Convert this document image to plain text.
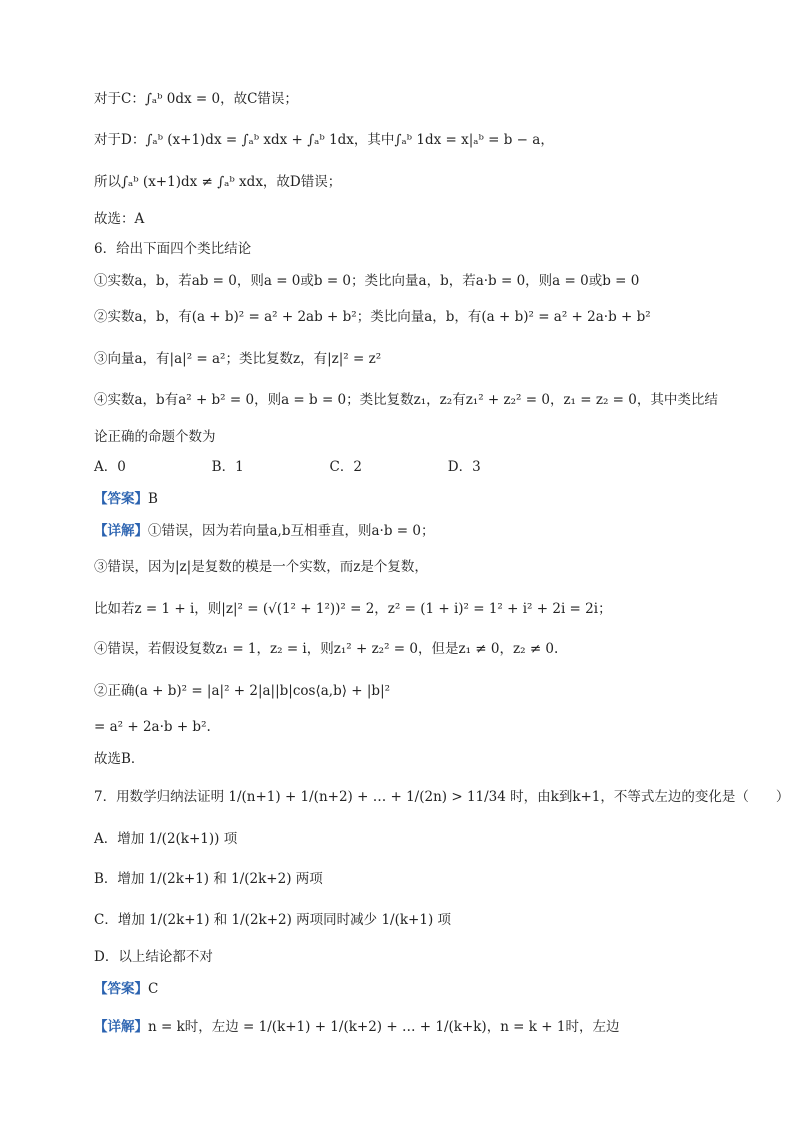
对于C：∫ₐᵇ 0dx = 0，故C错误；
对于D：∫ₐᵇ (x+1)dx = ∫ₐᵇ xdx + ∫ₐᵇ 1dx，其中∫ₐᵇ 1dx = x|ₐᵇ = b − a，
所以∫ₐᵇ (x+1)dx ≠ ∫ₐᵇ xdx，故D错误；
故选：A
6．给出下面四个类比结论
①实数a，b，若ab = 0，则a = 0或b = 0；类比向量a，b，若a·b = 0，则a = 0或b = 0
②实数a，b，有(a + b)² = a² + 2ab + b²；类比向量a，b，有(a + b)² = a² + 2a·b + b²
③向量a，有|a|² = a²；类比复数z，有|z|² = z²
④实数a，b有a² + b² = 0，则a = b = 0；类比复数z₁，z₂有z₁² + z₂² = 0，z₁ = z₂ = 0，其中类比结
论正确的命题个数为
A．0                    B．1                    C．2                    D．3
【答案】B
【详解】①错误，因为若向量a,b互相垂直，则a·b = 0；
③错误，因为|z|是复数的模是一个实数，而z是个复数，
比如若z = 1 + i，则|z|² = (√(1² + 1²))² = 2，z² = (1 + i)² = 1² + i² + 2i = 2i；
④错误，若假设复数z₁ = 1，z₂ = i，则z₁² + z₂² = 0，但是z₁ ≠ 0，z₂ ≠ 0.
②正确(a + b)² = |a|² + 2|a||b|cos⟨a,b⟩ + |b|²
= a² + 2a·b + b².
故选B．
7．用数学归纳法证明 1/(n+1) + 1/(n+2) + … + 1/(2n) > 11/34 时，由k到k+1，不等式左边的变化是（　　）
A．增加 1/(2(k+1)) 项
B．增加 1/(2k+1) 和 1/(2k+2) 两项
C．增加 1/(2k+1) 和 1/(2k+2) 两项同时减少 1/(k+1) 项
D．以上结论都不对
【答案】C
【详解】n = k时，左边 = 1/(k+1) + 1/(k+2) + … + 1/(k+k)，n = k + 1时，左边
